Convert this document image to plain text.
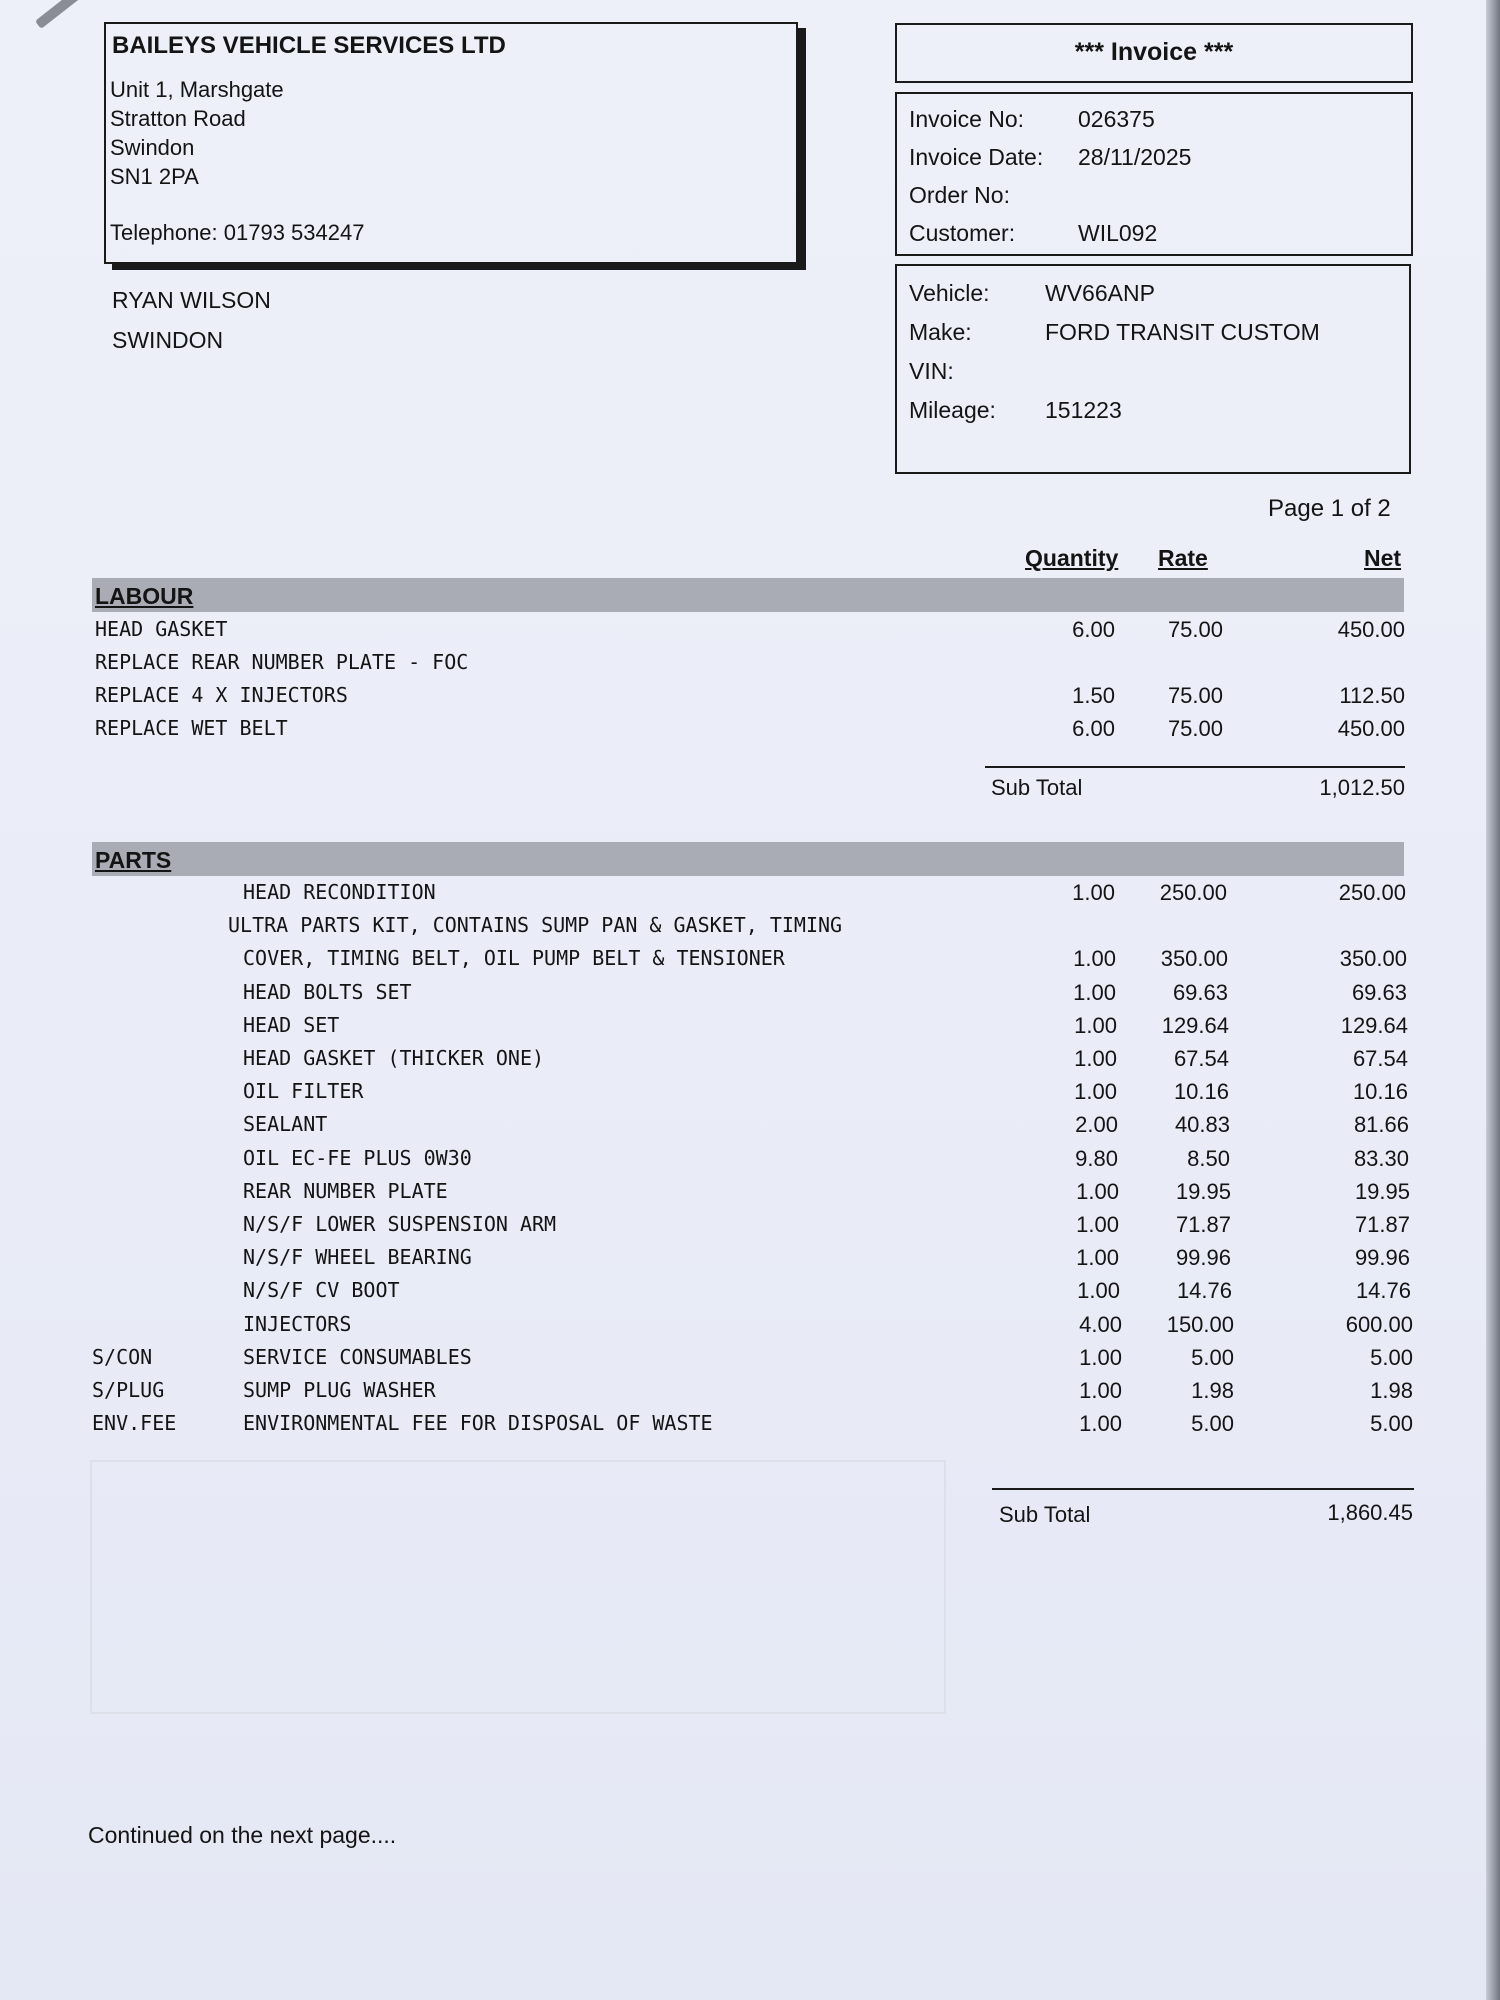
BAILEYS VEHICLE SERVICES LTD
Unit 1, Marshgate
Stratton Road
Swindon
SN1 2PA
Telephone: 01793 534247
*** Invoice ***
Invoice No: 026375
Invoice Date: 28/11/2025
Order No:
Customer:	WIL092
Vehicle: WV66ANP
Make:	FORD TRANSIT CUSTOM
VIN:
Mileage: 151223
RYAN WILSON
SWINDON
Page 1 of 2
Quantity Rate	Net
LABOUR
HEAD GASKET	6.00	75.00	450.00
REPLACE REAR NUMBER PLATE - FOC
REPLACE 4 X INJECTORS	1.50	75.00	112.50
REPLACE WET BELT	6.00	75.00	450.00
Sub Total	1,012.50
PARTS
HEAD RECONDITION	1.00	250.00	250.00
ULTRA PARTS KIT, CONTAINS SUMP PAN & GASKET, TIMING
COVER, TIMING BELT, OIL PUMP BELT & TENSIONER	1.00	350.00	350.00
HEAD BOLTS SET	1.00	69.63	69.63
HEAD SET	1.00	129.64	129.64
HEAD GASKET (THICKER ONE)	1.00	67.54	67.54
OIL FILTER	1.00	10.16	10.16
SEALANT	2.00	40.83	81.66
OIL EC-FE PLUS 0W30	9.80	8.50	83.30
REAR NUMBER PLATE	1.00	19.95	19.95
N/S/F LOWER SUSPENSION ARM	1.00	71.87	71.87
N/S/F WHEEL BEARING	1.00	99.96	99.96
N/S/F CV BOOT	1.00	14.76	14.76
INJECTORS	4.00	150.00	600.00
S/CON	SERVICE CONSUMABLES	1.00	5.00	5.00
S/PLUG	SUMP PLUG WASHER	1.00	1.98	1.98
ENV.FEE	ENVIRONMENTAL FEE FOR DISPOSAL OF WASTE	1.00	5.00	5.00
Sub Total	1,860.45
Continued on the next page....
